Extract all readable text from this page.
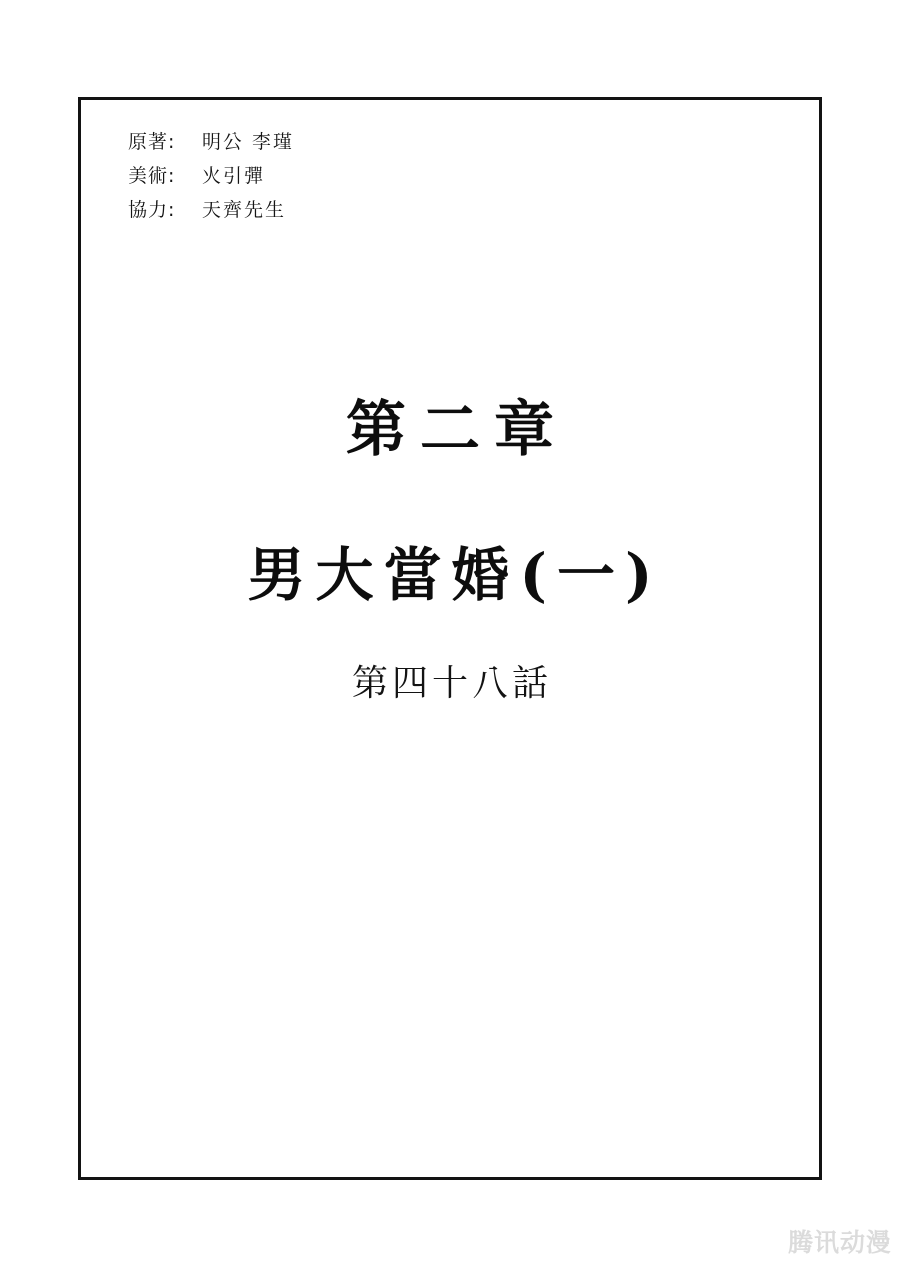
原著:	明公 李瑾
美術:	火引彈
協力:	天齊先生
第二章
男大當婚(一)
第四十八話
腾讯动漫
